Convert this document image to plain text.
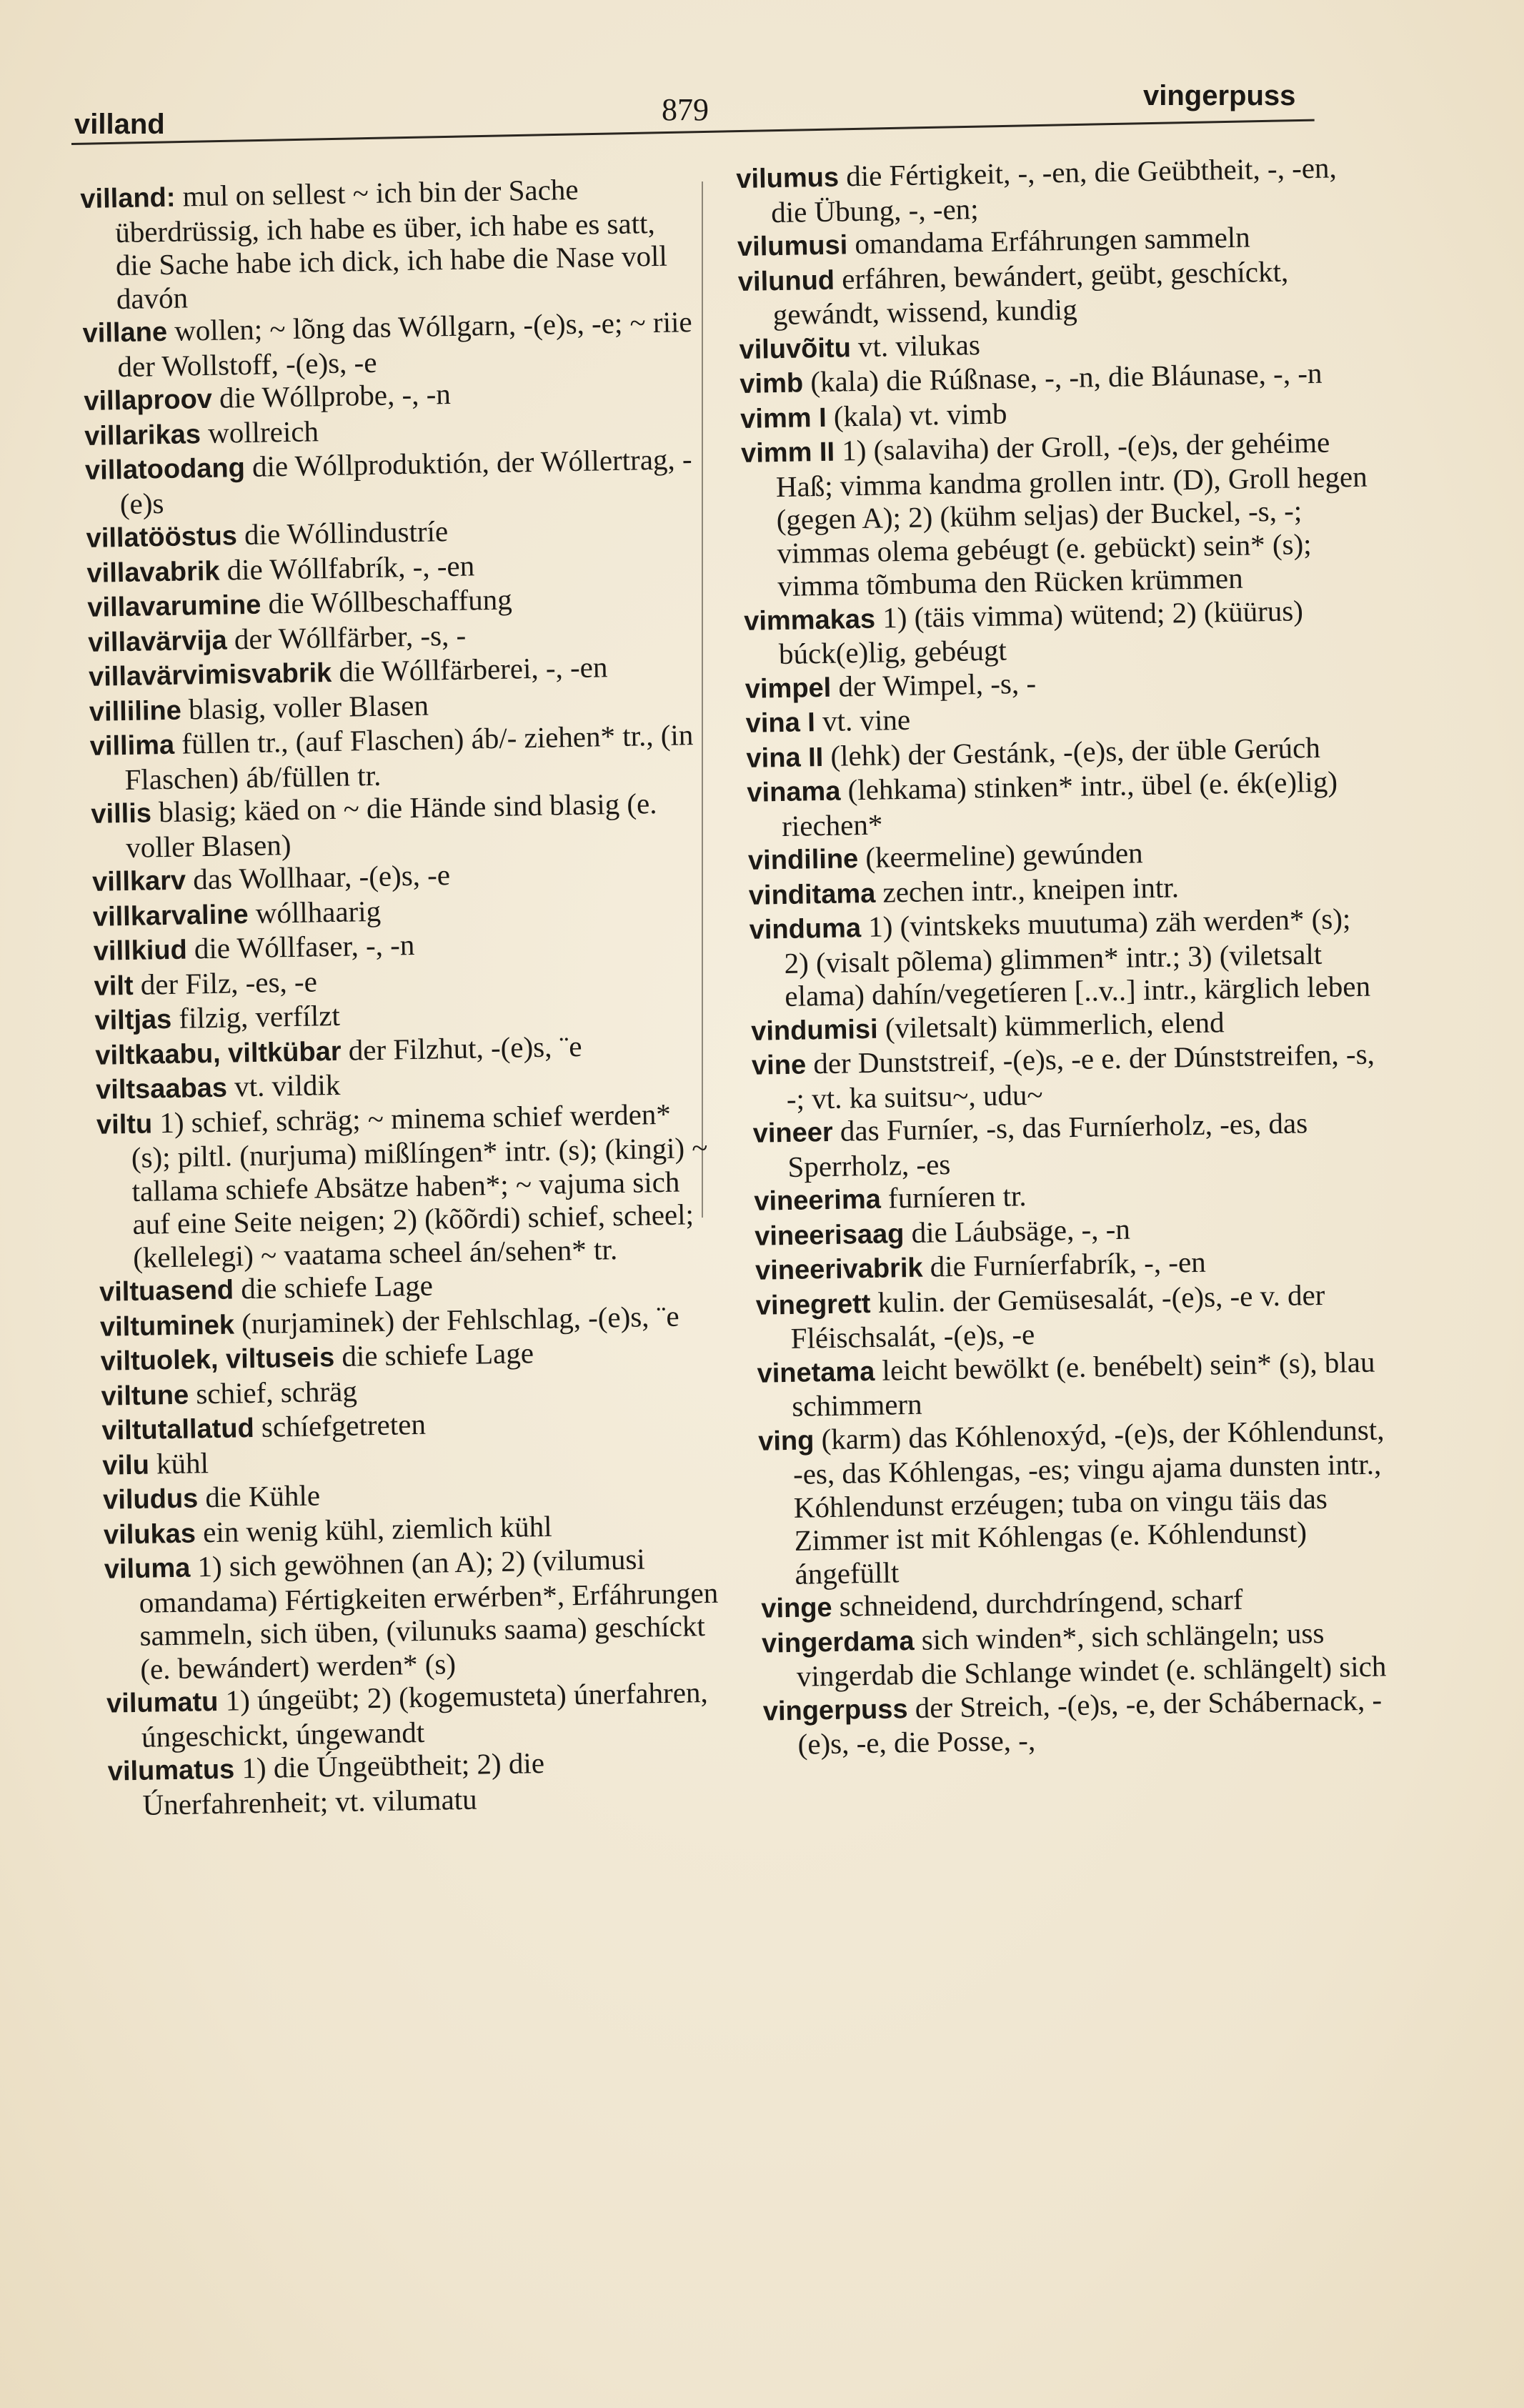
villand	879	vingerpuss

villand: mul on sellest ~ ich bin der Sache überdrüssig, ich habe es über, ich habe es satt, die Sache habe ich dick, ich habe die Nase voll davón

villane wollen; ~ lõng das Wóllgarn, -(e)s, -e; ~ riie der Wollstoff, -(e)s, -e

villaproov die Wóllprobe, -, -n

villarikas wollreich

villatoodang die Wóllproduktión, der Wóllertrag, -(e)s

villatööstus die Wóllindustríe

villavabrik die Wóllfabrík, -, -en

villavarumine die Wóllbeschaffung

villavärvija der Wóllfärber, -s, -

villavärvimisvabrik die Wóllfärberei, -, -en

villiline blasig, voller Blasen

villima füllen tr., (auf Flaschen) áb/- ziehen* tr., (in Flaschen) áb/füllen tr.

villis blasig; käed on ~ die Hände sind blasig (e. voller Blasen)

villkarv das Wollhaar, -(e)s, -e

villkarvaline wóllhaarig

villkiud die Wóllfaser, -, -n

vilt der Filz, -es, -e

viltjas filzig, verfílzt

viltkaabu, viltkübar der Filzhut, -(e)s, ¨e

viltsaabas vt. vildik

viltu 1) schief, schräg; ~ minema schief werden* (s); piltl. (nurjuma) mißlíngen* intr. (s); (kingi) ~ tallama schiefe Absätze haben*; ~ vajuma sich auf eine Seite neigen; 2) (kõõrdi) schief, scheel; (kellelegi) ~ vaatama scheel án/sehen* tr.

viltuasend die schiefe Lage

viltuminek (nurjaminek) der Fehlschlag, -(e)s, ¨e

viltuolek, viltuseis die schiefe Lage

viltune schief, schräg

viltutallatud schíefgetreten

vilu kühl

viludus die Kühle

vilukas ein wenig kühl, ziemlich kühl

viluma 1) sich gewöhnen (an A); 2) (vilumusi omandama) Fértigkeiten erwérben*, Erfáhrungen sammeln, sich üben, (vilunuks saama) geschíckt (e. bewándert) werden* (s)

vilumatu 1) úngeübt; 2) (kogemusteta) únerfahren, úngeschickt, úngewandt

vilumatus 1) die Úngeübtheit; 2) die Únerfahrenheit; vt. vilumatu

vilumus die Fértigkeit, -, -en, die Geübtheit, -, -en, die Übung, -, -en;

vilumusi omandama Erfáhrungen sammeln

vilunud erfáhren, bewándert, geübt, geschíckt, gewándt, wissend, kundig

viluvõitu vt. vilukas

vimb (kala) die Rúßnase, -, -n, die Bláunase, -, -n

vimm I (kala) vt. vimb

vimm II 1) (salaviha) der Groll, -(e)s, der gehéime Haß; vimma kandma grollen intr. (D), Groll hegen (gegen A); 2) (kühm seljas) der Buckel, -s, -; vimmas olema gebéugt (e. gebückt) sein* (s); vimma tõmbuma den Rücken krümmen

vimmakas 1) (täis vimma) wütend; 2) (küürus) búck(e)lig, gebéugt

vimpel der Wimpel, -s, -

vina I vt. vine

vina II (lehk) der Gestánk, -(e)s, der üble Gerúch

vinama (lehkama) stinken* intr., übel (e. ék(e)lig) riechen*

vindiline (keermeline) gewúnden

vinditama zechen intr., kneipen intr.

vinduma 1) (vintskeks muutuma) zäh werden* (s); 2) (visalt põlema) glimmen* intr.; 3) (viletsalt elama) dahín/vegetíeren [..v..] intr., kärglich leben

vindumisi (viletsalt) kümmerlich, elend

vine der Dunststreif, -(e)s, -e e. der Dúnststreifen, -s, -; vt. ka suitsu~, udu~

vineer das Furníer, -s, das Furníerholz, -es, das Sperrholz, -es

vineerima furníeren tr.

vineerisaag die Láubsäge, -, -n

vineerivabrik die Furníerfabrík, -, -en

vinegrett kulin. der Gemüsesalát, -(e)s, -e v. der Fléischsalát, -(e)s, -e

vinetama leicht bewölkt (e. benébelt) sein* (s), blau schimmern

ving (karm) das Kóhlenoxýd, -(e)s, der Kóhlendunst, -es, das Kóhlengas, -es; vingu ajama dunsten intr., Kóhlendunst erzéugen; tuba on vingu täis das Zimmer ist mit Kóhlengas (e. Kóhlendunst) ángefüllt

vinge schneidend, durchdríngend, scharf

vingerdama sich winden*, sich schlängeln; uss vingerdab die Schlange windet (e. schlängelt) sich

vingerpuss der Streich, -(e)s, -e, der Schábernack, -(e)s, -e, die Posse, -,
